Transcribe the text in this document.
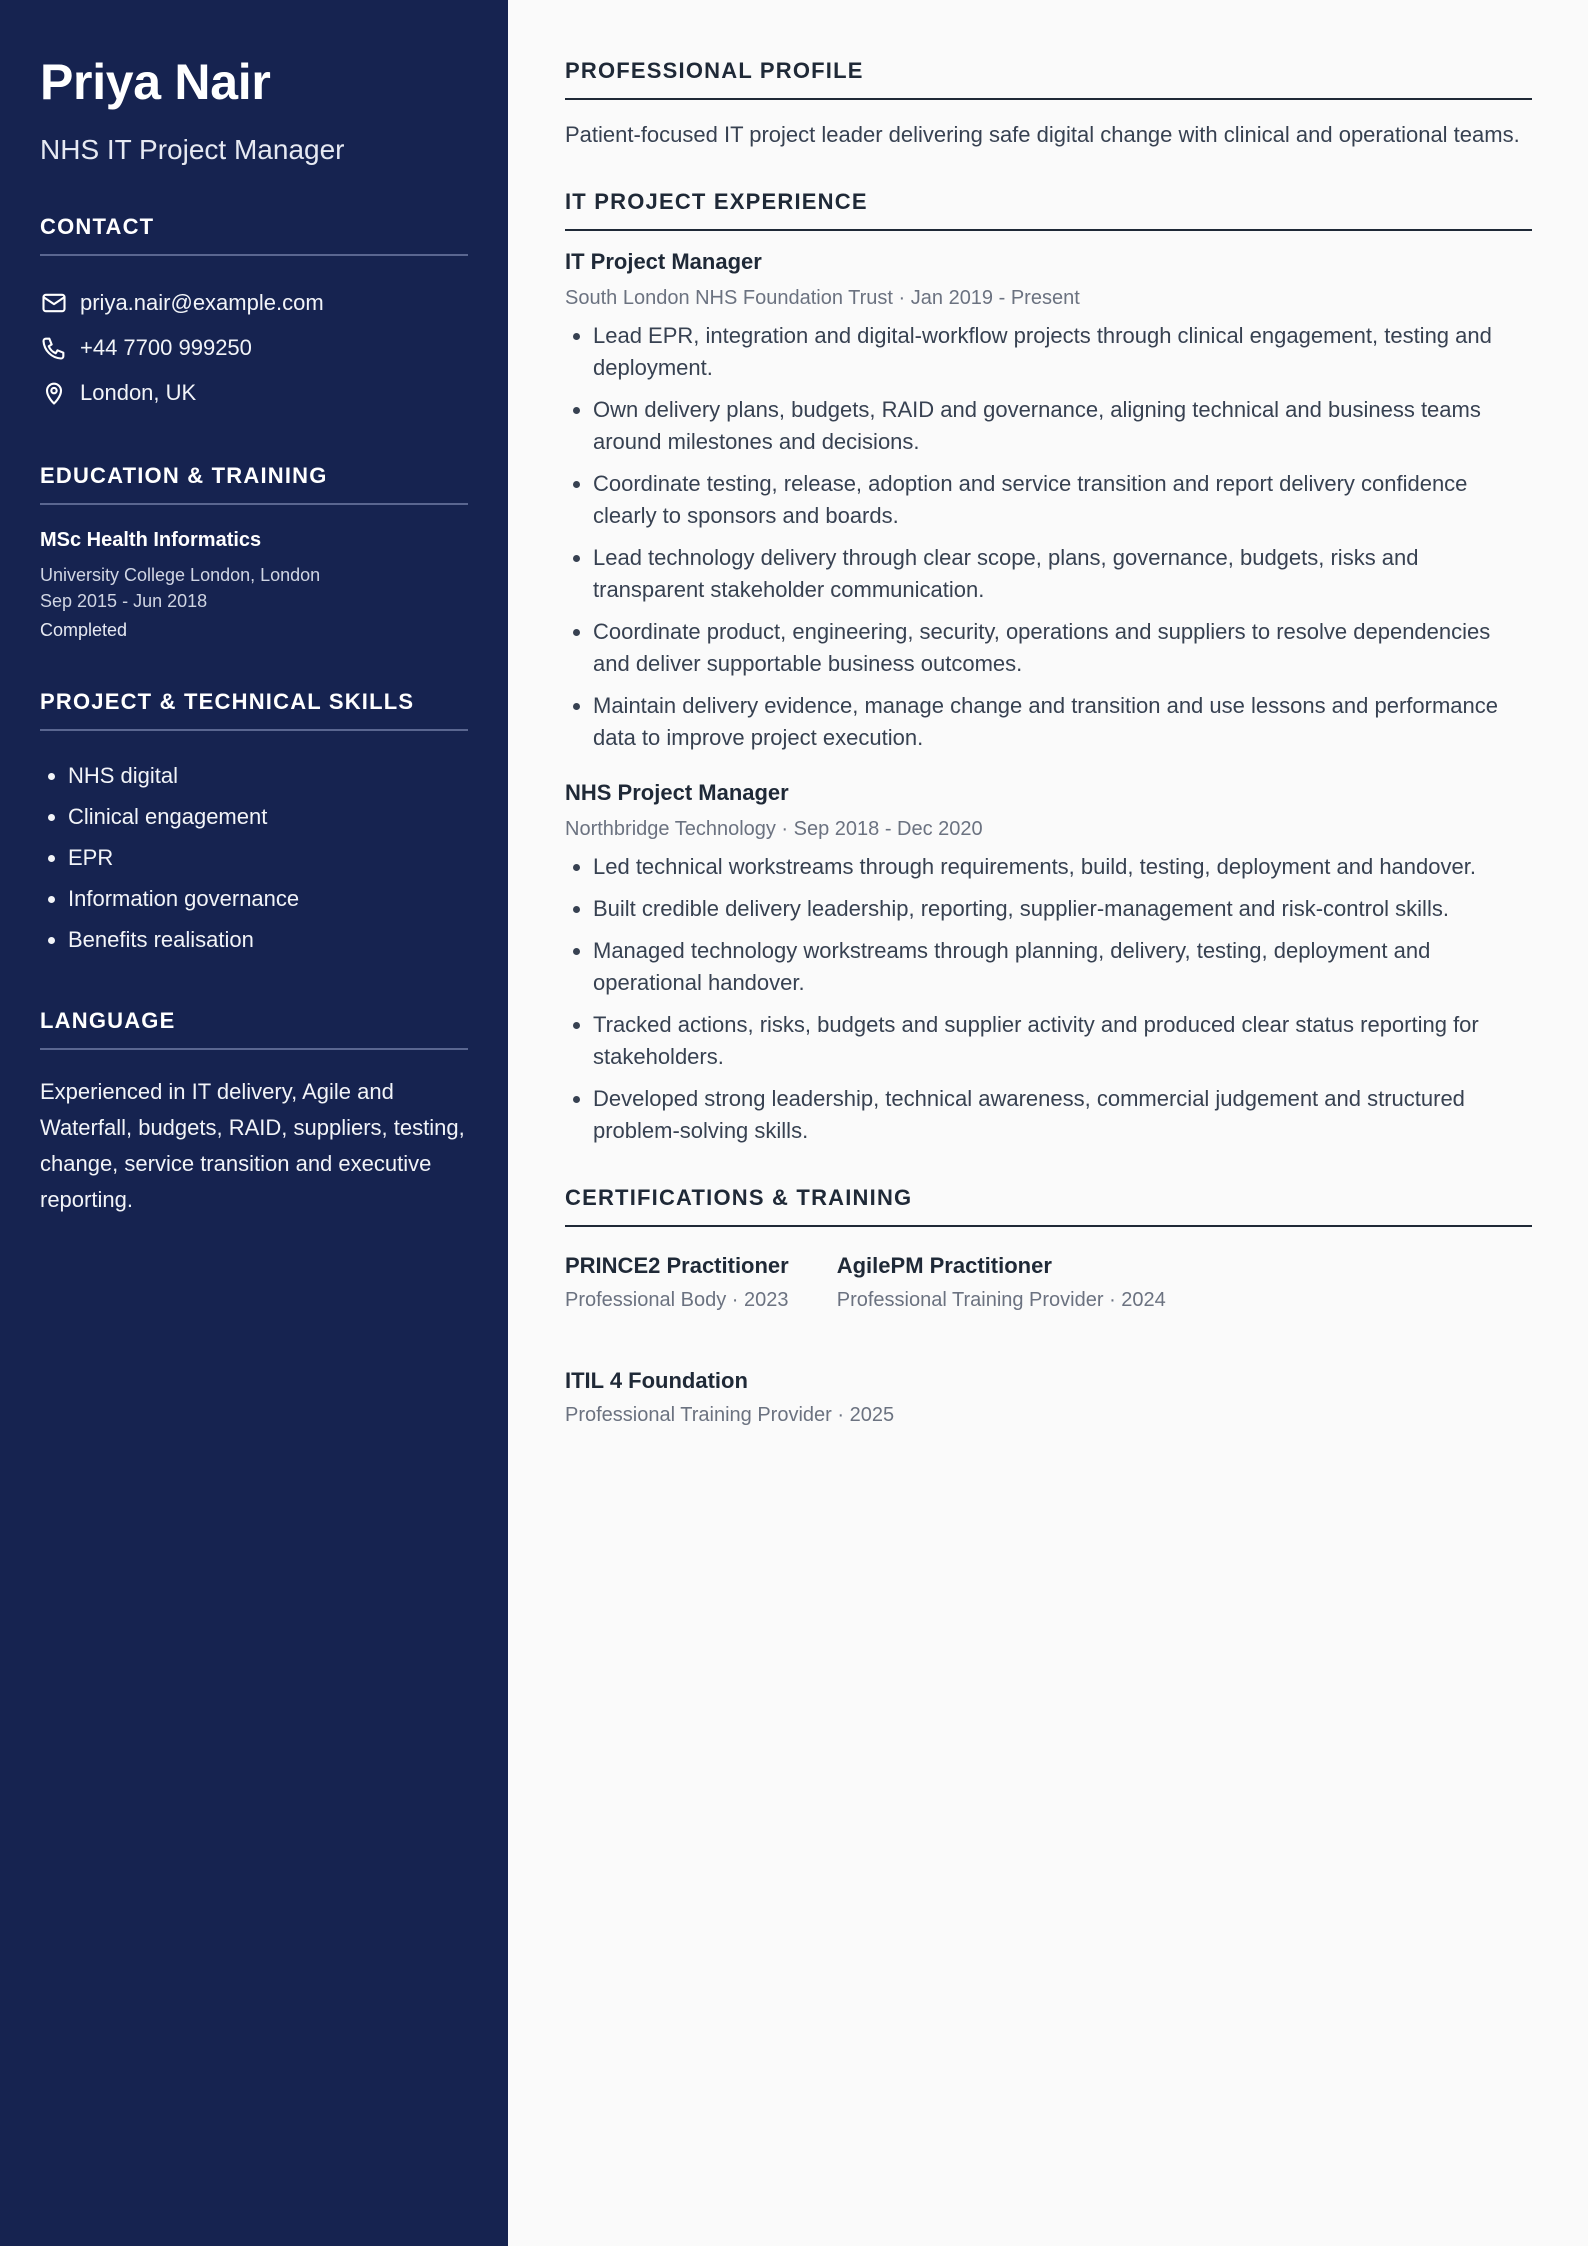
Priya Nair
NHS IT Project Manager
CONTACT
priya.nair@example.com
+44 7700 999250
London, UK
EDUCATION & TRAINING
MSc Health Informatics
University College London, London
Sep 2015 - Jun 2018
Completed
PROJECT & TECHNICAL SKILLS
• NHS digital
• Clinical engagement
• EPR
• Information governance
• Benefits realisation
LANGUAGE

Experienced in IT delivery, Agile and Waterfall, budgets, RAID, suppliers, testing, change, service transition and executive reporting.

PROFESSIONAL PROFILE

Patient-focused IT project leader delivering safe digital change with clinical and operational teams.

IT PROJECT EXPERIENCE
IT Project Manager
South London NHS Foundation Trust · Jan 2019 - Present
• Lead EPR, integration and digital-workflow projects through clinical engagement, testing and deployment.
• Own delivery plans, budgets, RAID and governance, aligning technical and business teams around milestones and decisions.
• Coordinate testing, release, adoption and service transition and report delivery confidence clearly to sponsors and boards.
• Lead technology delivery through clear scope, plans, governance, budgets, risks and transparent stakeholder communication.
• Coordinate product, engineering, security, operations and suppliers to resolve dependencies and deliver supportable business outcomes.
• Maintain delivery evidence, manage change and transition and use lessons and performance data to improve project execution.
NHS Project Manager
Northbridge Technology · Sep 2018 - Dec 2020
• Led technical workstreams through requirements, build, testing, deployment and handover.
• Built credible delivery leadership, reporting, supplier-management and risk-control skills.
• Managed technology workstreams through planning, delivery, testing, deployment and operational handover.
• Tracked actions, risks, budgets and supplier activity and produced clear status reporting for stakeholders.
• Developed strong leadership, technical awareness, commercial judgement and structured problem-solving skills.
CERTIFICATIONS & TRAINING
PRINCE2 Practitioner
Professional Body · 2023
AgilePM Practitioner
Professional Training Provider · 2024
ITIL 4 Foundation
Professional Training Provider · 2025
